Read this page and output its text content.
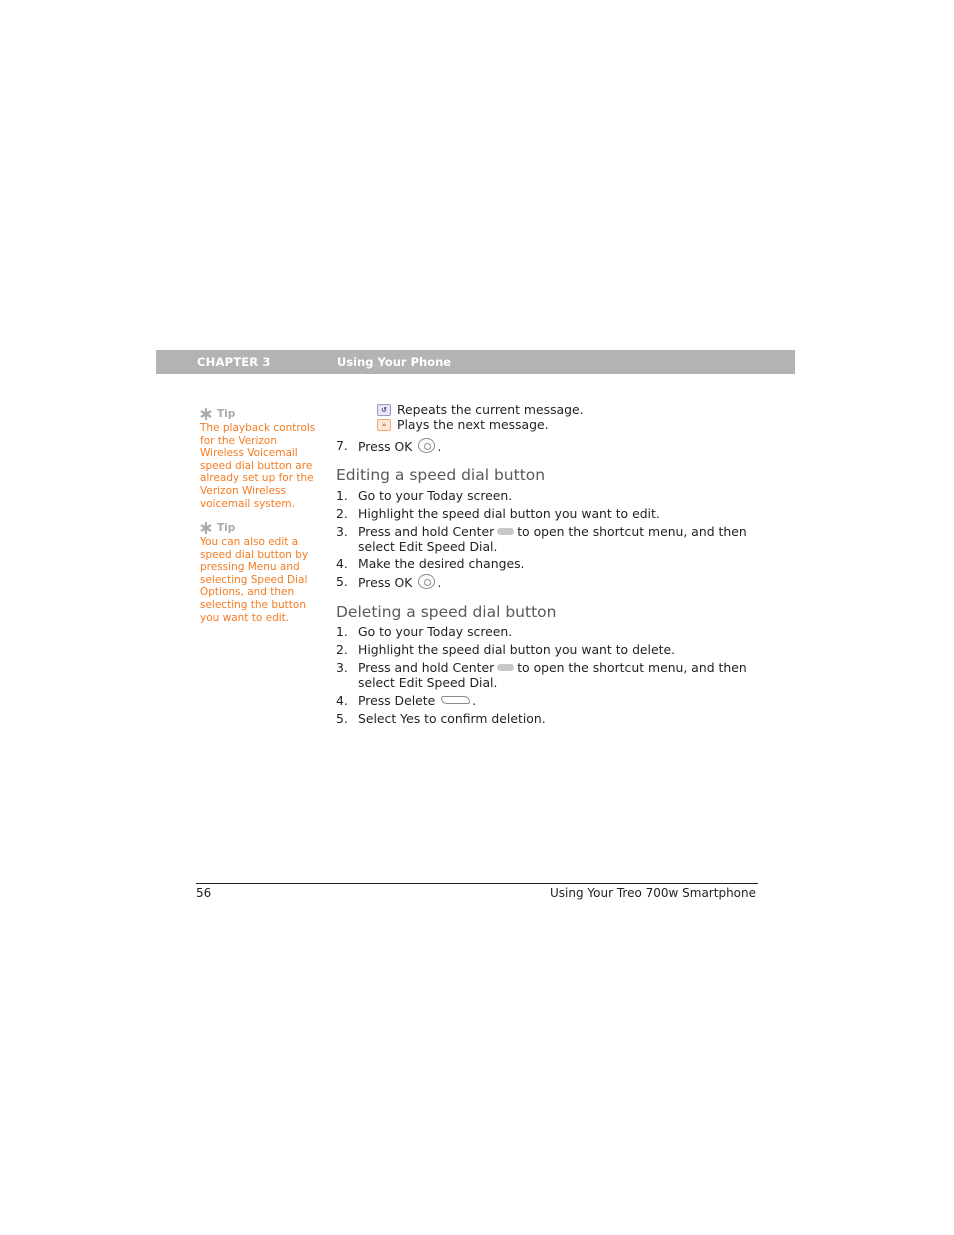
CHAPTER 3	Using Your Phone
Tip
The playback controls
for the Verizon
Wireless Voicemail
speed dial button are
already set up for the
Verizon Wireless
voicemail system.
Tip
You can also edit a
speed dial button by
pressing Menu and
selecting Speed Dial
Options, and then
selecting the button
you want to edit.
↺ Repeats the current message.
» Plays the next message.
7. Press OK .
Editing a speed dial button
1. Go to your Today screen.
2. Highlight the speed dial button you want to edit.
3. Press and hold Center to open the shortcut menu, and then
select Edit Speed Dial.
4. Make the desired changes.
5. Press OK .
Deleting a speed dial button
1. Go to your Today screen.
2. Highlight the speed dial button you want to delete.
3. Press and hold Center to open the shortcut menu, and then
select Edit Speed Dial.
4. Press Delete	.
5. Select Yes to confirm deletion.
56	Using Your Treo 700w Smartphone
